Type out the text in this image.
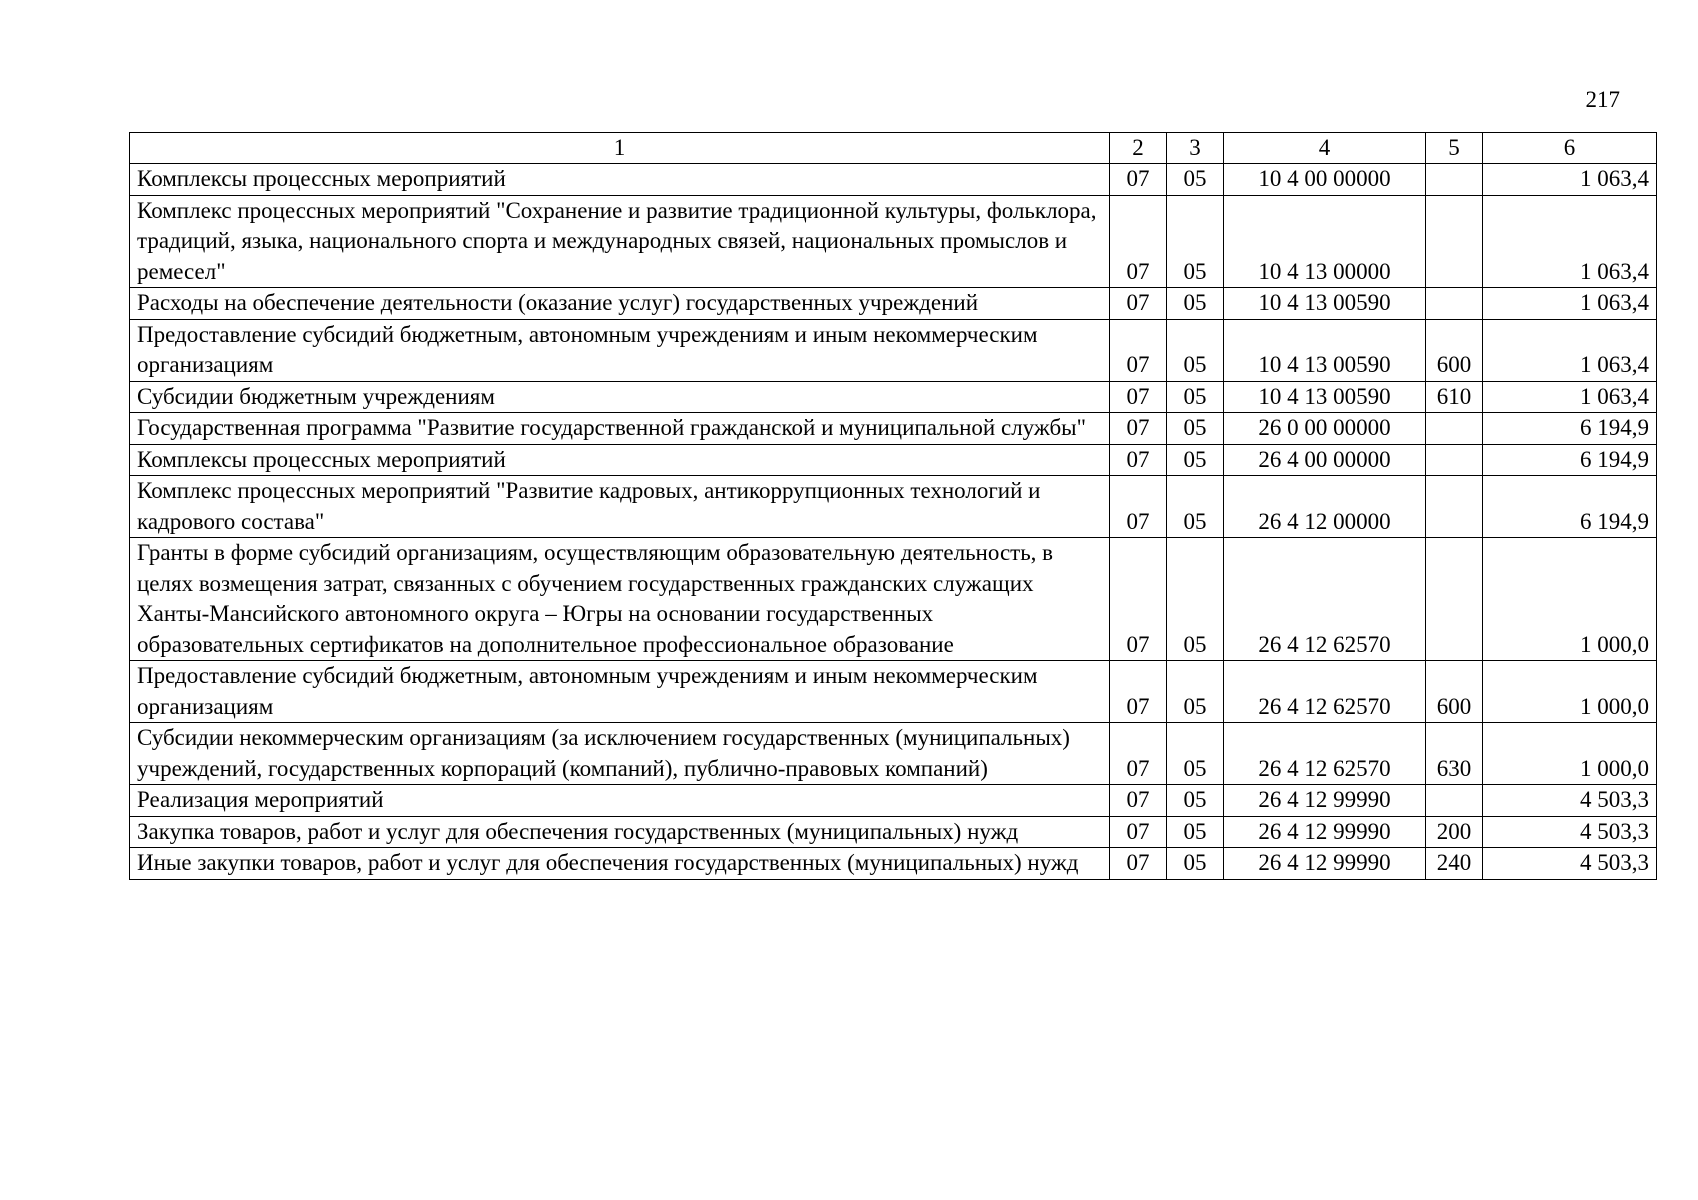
217
1	2	3	4	5	6
Комплексы процессных мероприятий	07	05	10 4 00 00000		1 063,4
Комплекс процессных мероприятий "Сохранение и развитие традиционной культуры, фольклора, традиций, языка, национального спорта и международных связей, национальных промыслов и ремесел"	07	05	10 4 13 00000		1 063,4
Расходы на обеспечение деятельности (оказание услуг) государственных учреждений	07	05	10 4 13 00590		1 063,4
Предоставление субсидий бюджетным, автономным учреждениям и иным некоммерческим организациям	07	05	10 4 13 00590	600	1 063,4
Субсидии бюджетным учреждениям	07	05	10 4 13 00590	610	1 063,4
Государственная программа "Развитие государственной гражданской и муниципальной службы"	07	05	26 0 00 00000		6 194,9
Комплексы процессных мероприятий	07	05	26 4 00 00000		6 194,9
Комплекс процессных мероприятий "Развитие кадровых, антикоррупционных технологий и кадрового состава"	07	05	26 4 12 00000		6 194,9
Гранты в форме субсидий организациям, осуществляющим образовательную деятельность, в целях возмещения затрат, связанных с обучением государственных гражданских служащих Ханты-Мансийского автономного округа – Югры на основании государственных образовательных сертификатов на дополнительное профессиональное образование	07	05	26 4 12 62570		1 000,0
Предоставление субсидий бюджетным, автономным учреждениям и иным некоммерческим организациям	07	05	26 4 12 62570	600	1 000,0
Субсидии некоммерческим организациям (за исключением государственных (муниципальных) учреждений, государственных корпораций (компаний), публично-правовых компаний)	07	05	26 4 12 62570	630	1 000,0
Реализация мероприятий	07	05	26 4 12 99990		4 503,3
Закупка товаров, работ и услуг для обеспечения государственных (муниципальных) нужд	07	05	26 4 12 99990	200	4 503,3
Иные закупки товаров, работ и услуг для обеспечения государственных (муниципальных) нужд	07	05	26 4 12 99990	240	4 503,3
